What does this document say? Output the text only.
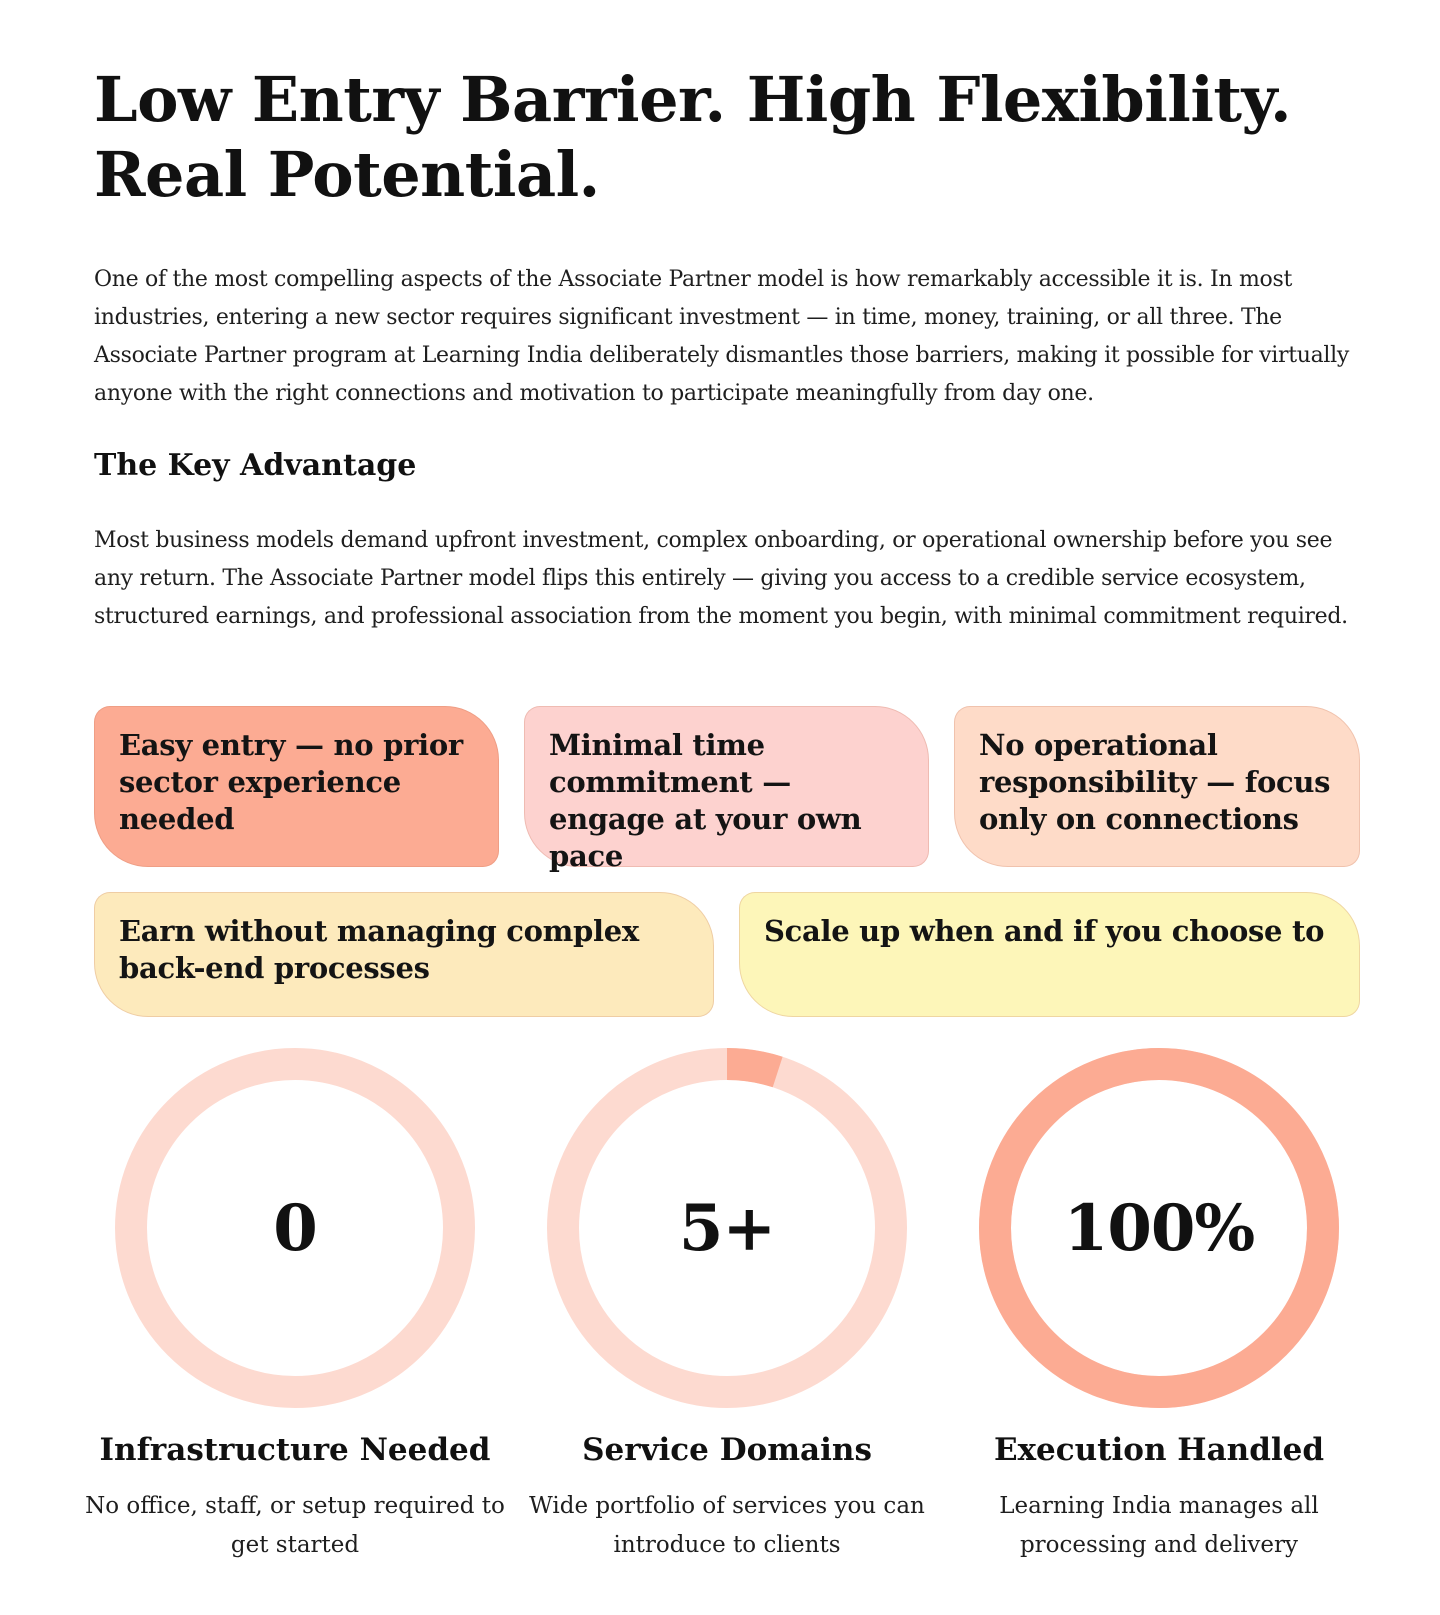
Low Entry Barrier. High Flexibility. Real Potential.

One of the most compelling aspects of the Associate Partner model is how remarkably accessible it is. In most industries, entering a new sector requires significant investment — in time, money, training, or all three. The Associate Partner program at Learning India deliberately dismantles those barriers, making it possible for virtually anyone with the right connections and motivation to participate meaningfully from day one.

The Key Advantage

Most business models demand upfront investment, complex onboarding, or operational ownership before you see any return. The Associate Partner model flips this entirely — giving you access to a credible service ecosystem, structured earnings, and professional association from the moment you begin, with minimal commitment required.

Easy entry — no prior sector experience needed
Minimal time commitment — engage at your own pace
No operational responsibility — focus only on connections
Earn without managing complex back-end processes
Scale up when and if you choose to
0	5+	100%
Infrastructure Needed
No office, staff, or setup required to get started
Service Domains
Wide portfolio of services you can introduce to clients
Execution Handled
Learning India manages all processing and delivery
